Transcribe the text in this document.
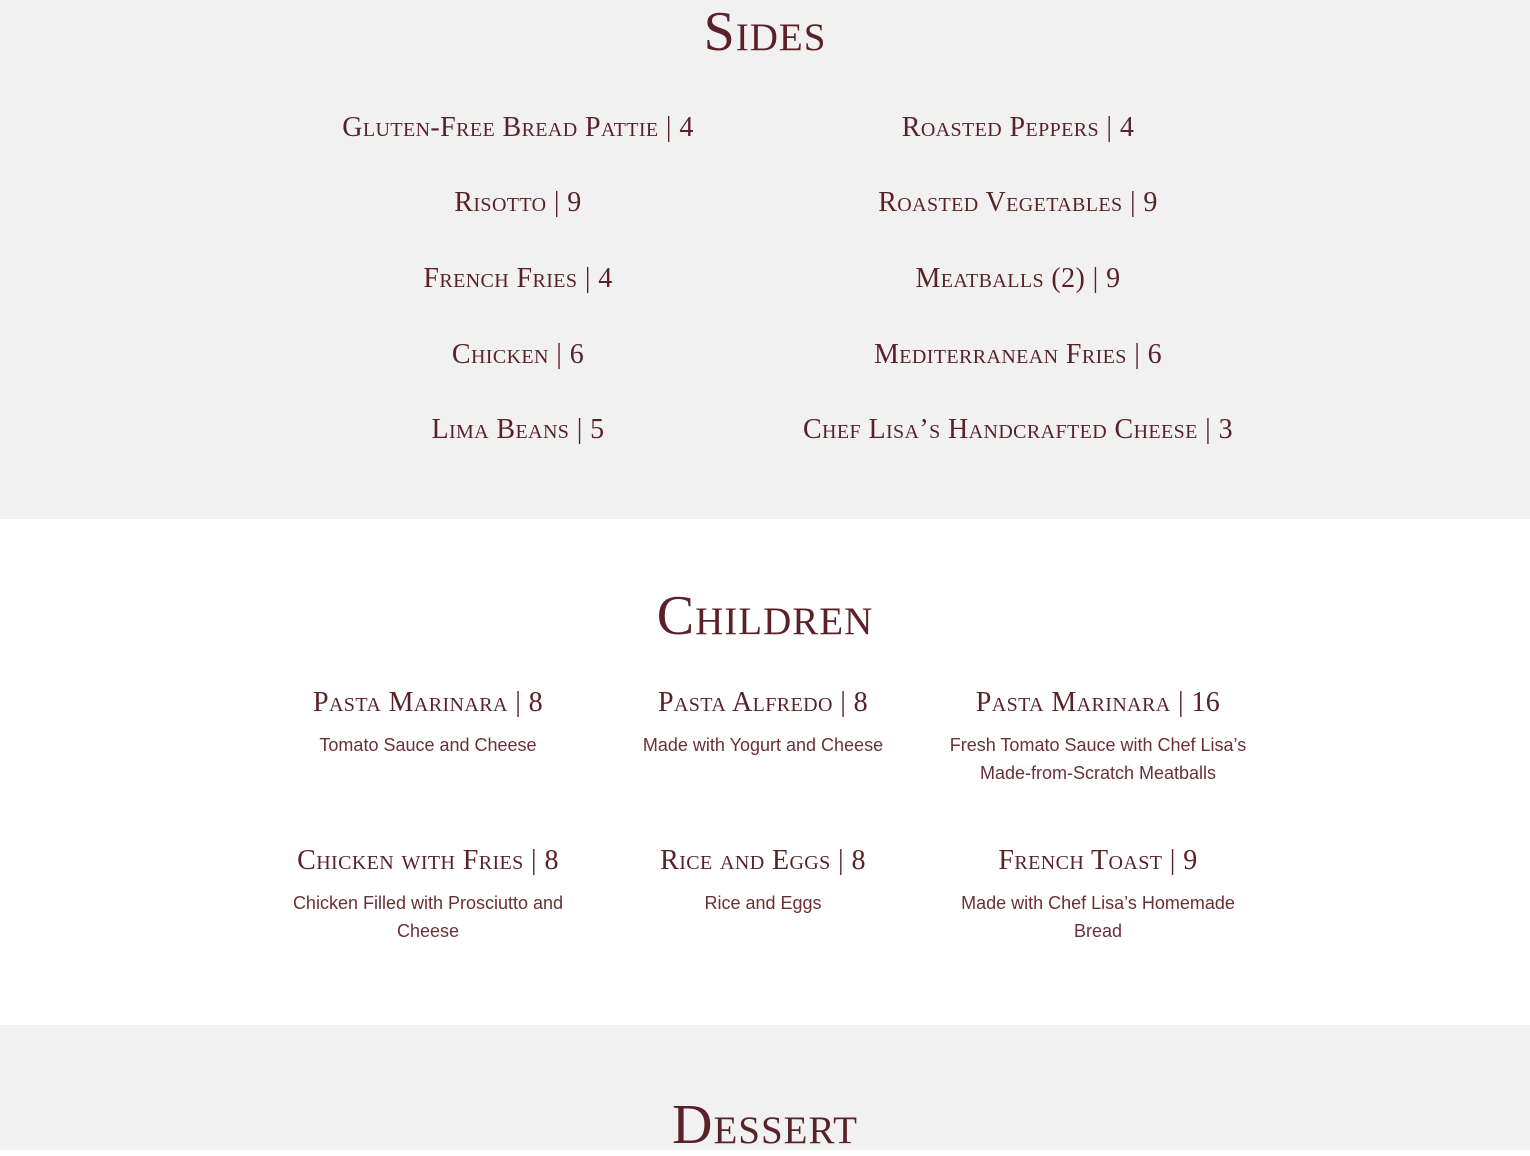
Sides
Gluten-Free Bread Pattie | 4
Risotto | 9
French Fries | 4
Chicken | 6
Lima Beans | 5
Roasted Peppers | 4
Roasted Vegetables | 9
Meatballs (2) | 9
Mediterranean Fries | 6
Chef Lisa’s Handcrafted Cheese | 3
Children
Pasta Marinara | 8
Tomato Sauce and Cheese
Pasta Alfredo | 8
Made with Yogurt and Cheese
Pasta Marinara | 16
Fresh Tomato Sauce with Chef Lisa’s Made-from-Scratch Meatballs
Chicken with Fries | 8
Chicken Filled with Prosciutto and Cheese
Rice and Eggs | 8
Rice and Eggs
French Toast | 9
Made with Chef Lisa’s Homemade Bread
Dessert
